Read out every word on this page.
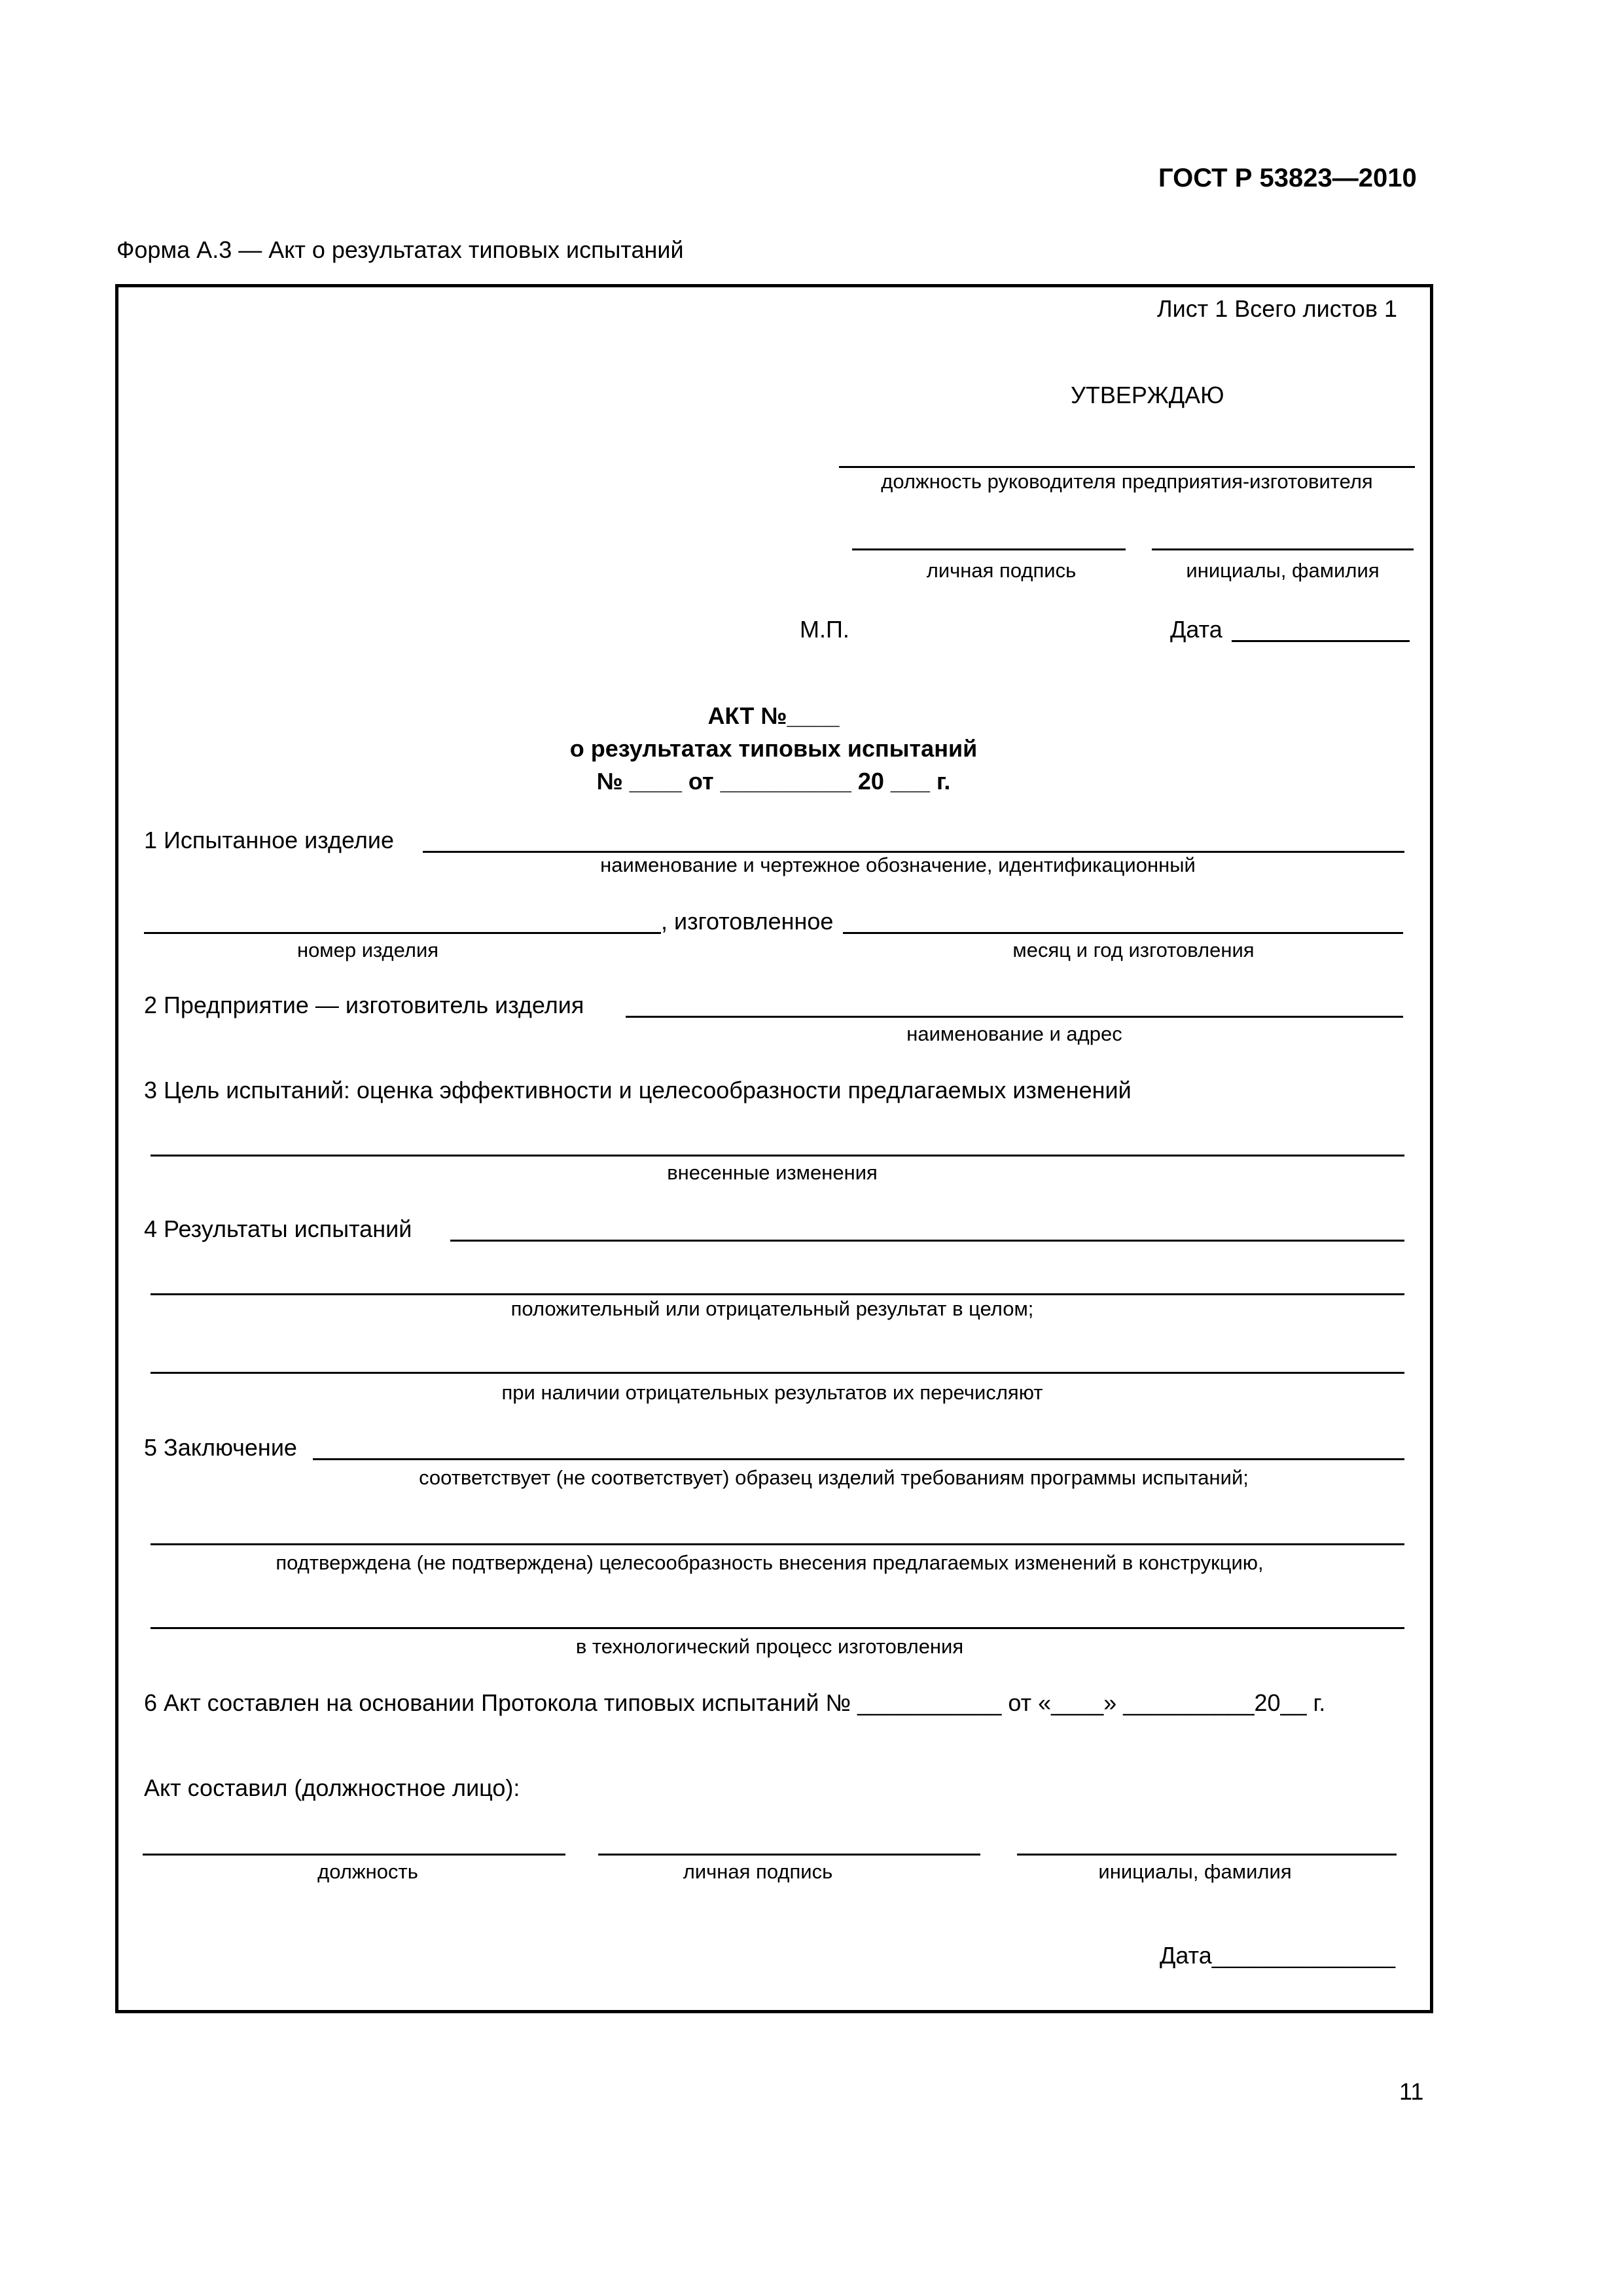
ГОСТ Р 53823—2010
Форма А.3 — Акт о результатах типовых испытаний
Лист 1 Всего листов 1
УТВЕРЖДАЮ
должность руководителя предприятия-изготовителя
личная подпись	инициалы, фамилия
М.П.	Дата
АКТ №____
о результатах типовых испытаний
№ ____ от __________ 20 ___ г.
1 Испытанное изделие
наименование и чертежное обозначение, идентификационный
, изготовленное
номер изделия	месяц и год изготовления
2 Предприятие — изготовитель изделия
наименование и адрес
3 Цель испытаний: оценка эффективности и целесообразности предлагаемых изменений
внесенные изменения
4 Результаты испытаний
положительный или отрицательный результат в целом;
при наличии отрицательных результатов их перечисляют
5 Заключение
соответствует (не соответствует) образец изделий требованиям программы испытаний;
подтверждена (не подтверждена) целесообразность внесения предлагаемых изменений в конструкцию,
в технологический процесс изготовления
6 Акт составлен на основании Протокола типовых испытаний № ___________ от «____» __________20__ г.
Акт составил (должностное лицо):
должность	личная подпись	инициалы, фамилия
Дата______________
11
